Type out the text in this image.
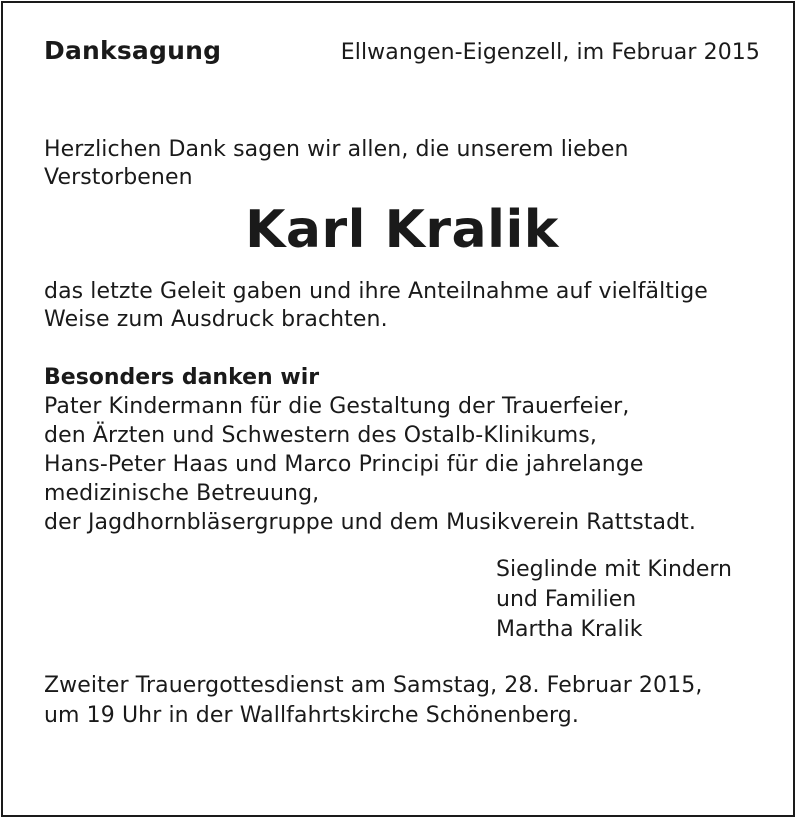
Danksagung	Ellwangen-Eigenzell, im Februar 2015
Herzlichen Dank sagen wir allen, die unserem lieben
Verstorbenen
Karl Kralik
das letzte Geleit gaben und ihre Anteilnahme auf vielfältige
Weise zum Ausdruck brachten.
Besonders danken wir
Pater Kindermann für die Gestaltung der Trauerfeier,
den Ärzten und Schwestern des Ostalb-Klinikums,
Hans-Peter Haas und Marco Principi für die jahrelange
medizinische Betreuung,
der Jagdhornbläsergruppe und dem Musikverein Rattstadt.
Sieglinde mit Kindern
und Familien
Martha Kralik
Zweiter Trauergottesdienst am Samstag, 28. Februar 2015,
um 19 Uhr in der Wallfahrtskirche Schönenberg.
